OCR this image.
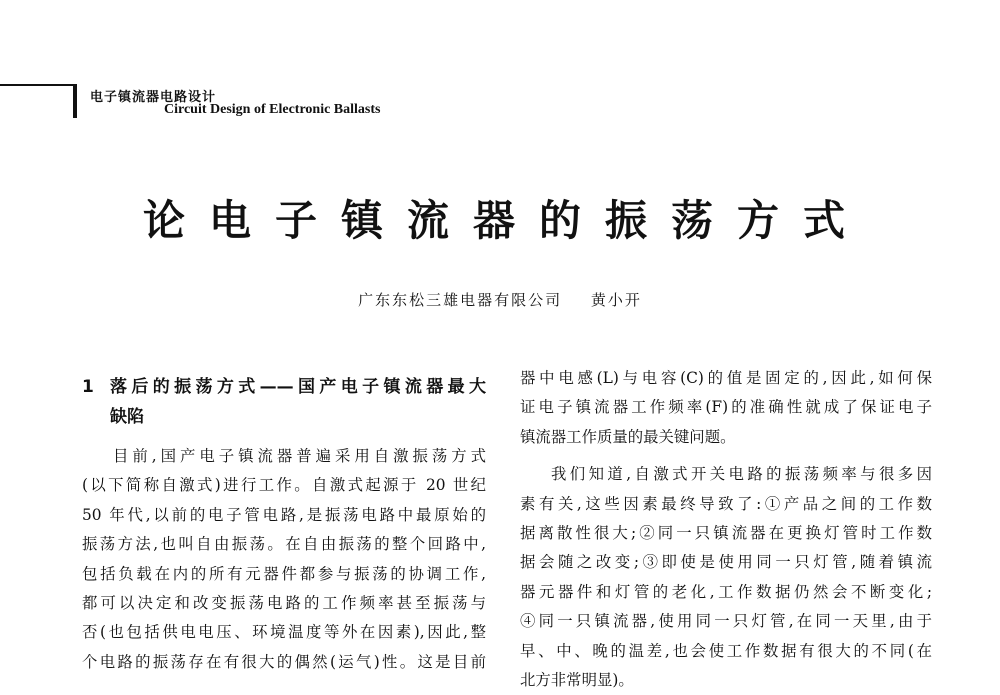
电子镇流器电路设计
Circuit Design of Electronic Ballasts
论电子镇流器的振荡方式
广东东松三雄电器有限公司 黄小开
1 落后的振荡方式——国产电子镇流器最大
缺陷
目前,国产电子镇流器普遍采用自激振荡方式
(以下简称自激式)进行工作。自激式起源于 20 世纪
50 年代,以前的电子管电路,是振荡电路中最原始的
振荡方法,也叫自由振荡。在自由振荡的整个回路中,
包括负载在内的所有元器件都参与振荡的协调工作,
都可以决定和改变振荡电路的工作频率甚至振荡与
否(也包括供电电压、环境温度等外在因素),因此,整
个电路的振荡存在有很大的偶然(运气)性。这是目前
器中电感(L)与电容(C)的值是固定的,因此,如何保
证电子镇流器工作频率(F)的准确性就成了保证电子
镇流器工作质量的最关键问题。
我们知道,自激式开关电路的振荡频率与很多因
素有关,这些因素最终导致了:①产品之间的工作数
据离散性很大;②同一只镇流器在更换灯管时工作数
据会随之改变;③即使是使用同一只灯管,随着镇流
器元器件和灯管的老化,工作数据仍然会不断变化;
④同一只镇流器,使用同一只灯管,在同一天里,由于
早、中、晚的温差,也会使工作数据有很大的不同(在
北方非常明显)。
